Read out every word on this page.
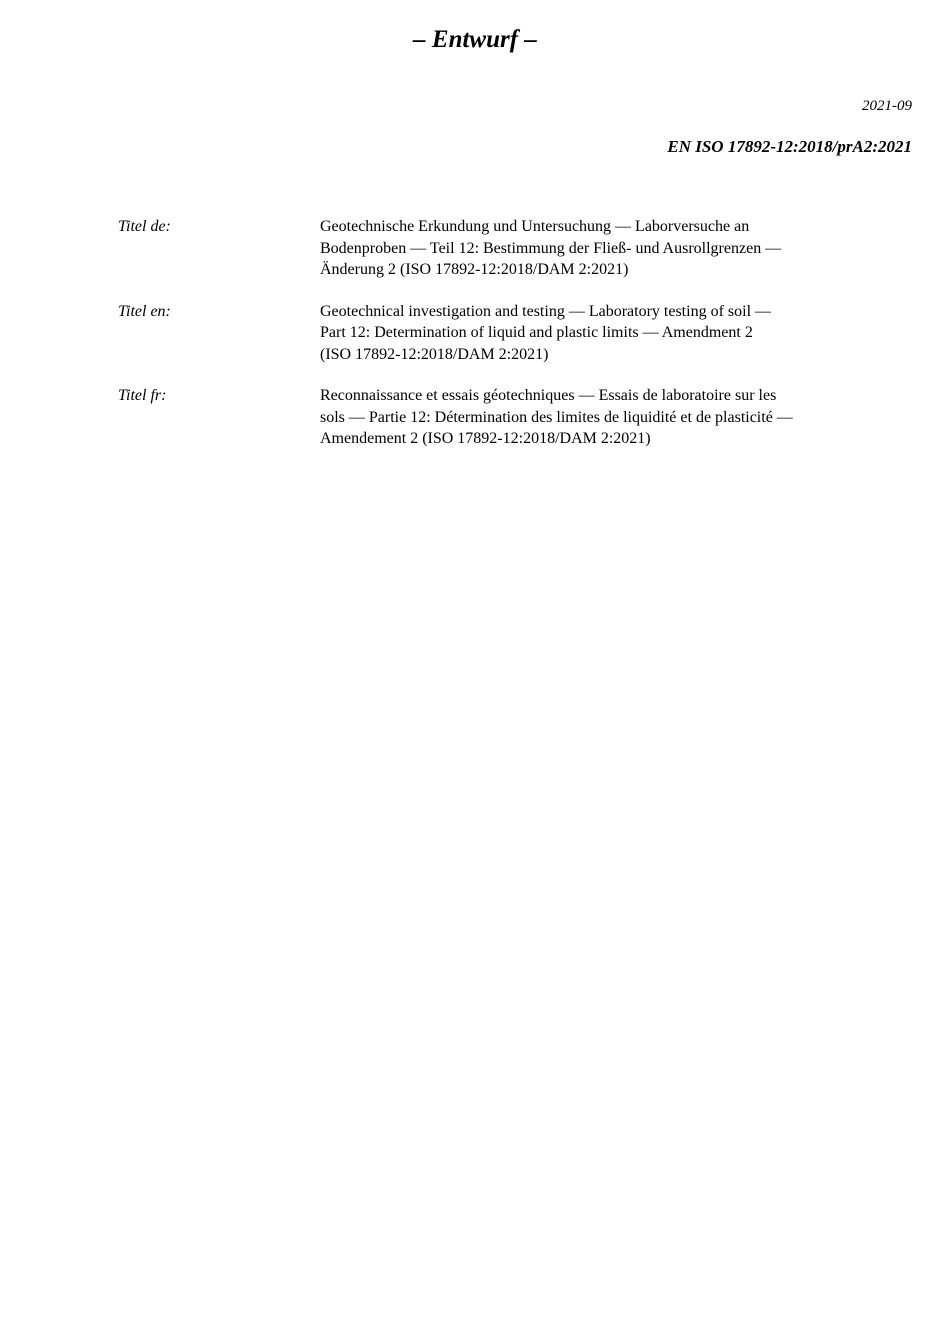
– Entwurf –
2021-09
EN ISO 17892-12:2018/prA2:2021
Titel de:	Geotechnische Erkundung und Untersuchung — Laborversuche an
Bodenproben — Teil 12: Bestimmung der Fließ- und Ausrollgrenzen —
Änderung 2 (ISO 17892-12:2018/DAM 2:2021)
Titel en:	Geotechnical investigation and testing — Laboratory testing of soil —
Part 12: Determination of liquid and plastic limits — Amendment 2
(ISO 17892-12:2018/DAM 2:2021)
Titel fr:	Reconnaissance et essais géotechniques — Essais de laboratoire sur les
sols — Partie 12: Détermination des limites de liquidité et de plasticité —
Amendement 2 (ISO 17892-12:2018/DAM 2:2021)
